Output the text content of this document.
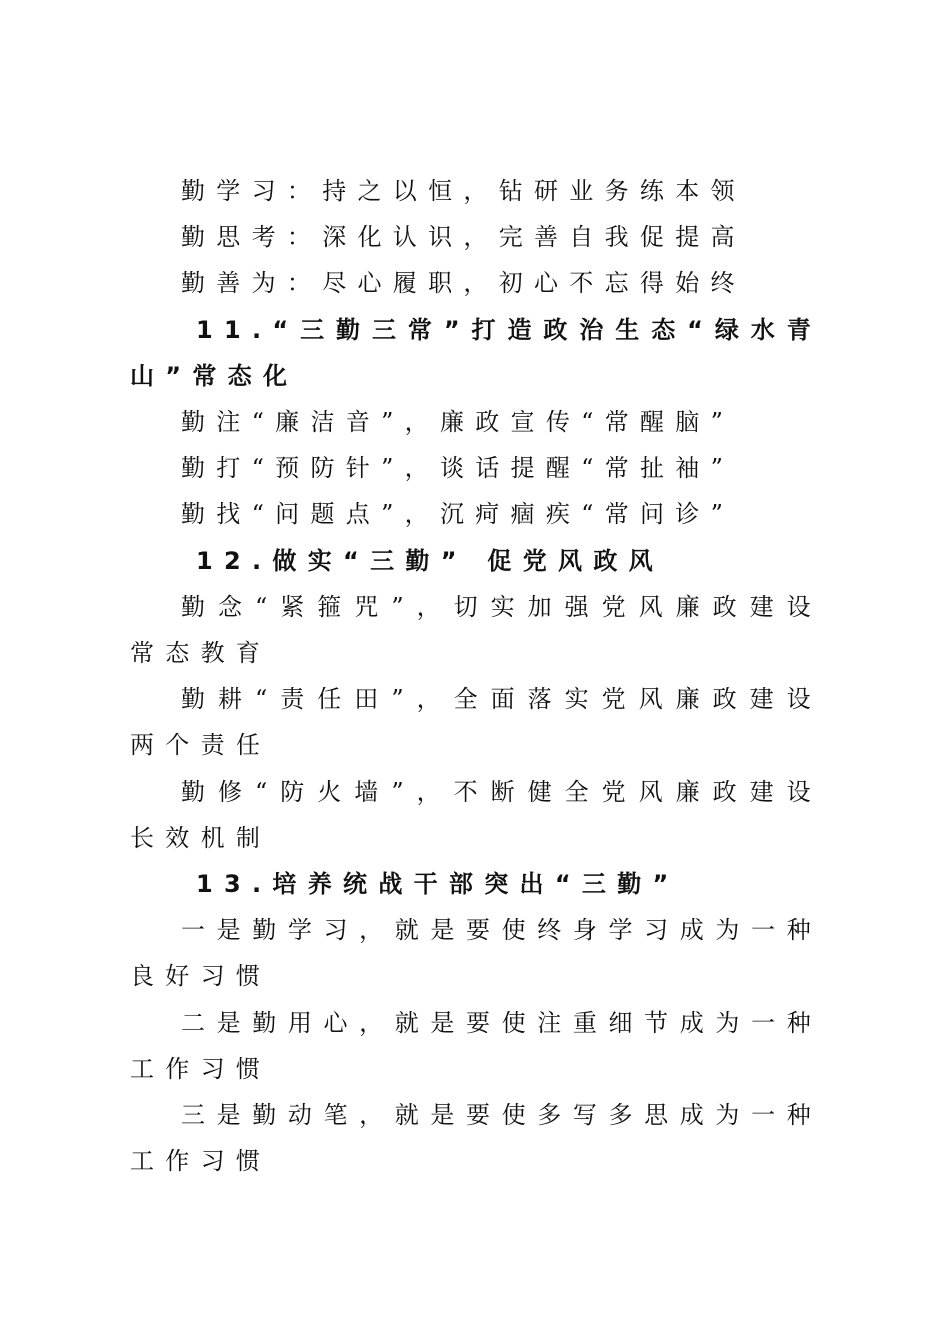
勤学习：持之以恒，钻研业务练本领

勤思考：深化认识，完善自我促提高

勤善为：尽心履职，初心不忘得始终

11.“三勤三常”打造政治生态“绿水青山”常态化

勤注“廉洁音”，廉政宣传“常醒脑”

勤打“预防针”，谈话提醒“常扯袖”

勤找“问题点”，沉疴痼疾“常问诊”

12.做实“三勤” 促党风政风

勤念“紧箍咒”，切实加强党风廉政建设常态教育

勤耕“责任田”，全面落实党风廉政建设两个责任

勤修“防火墙”，不断健全党风廉政建设长效机制

13.培养统战干部突出“三勤”

一是勤学习，就是要使终身学习成为一种良好习惯

二是勤用心，就是要使注重细节成为一种工作习惯

三是勤动笔，就是要使多写多思成为一种工作习惯
